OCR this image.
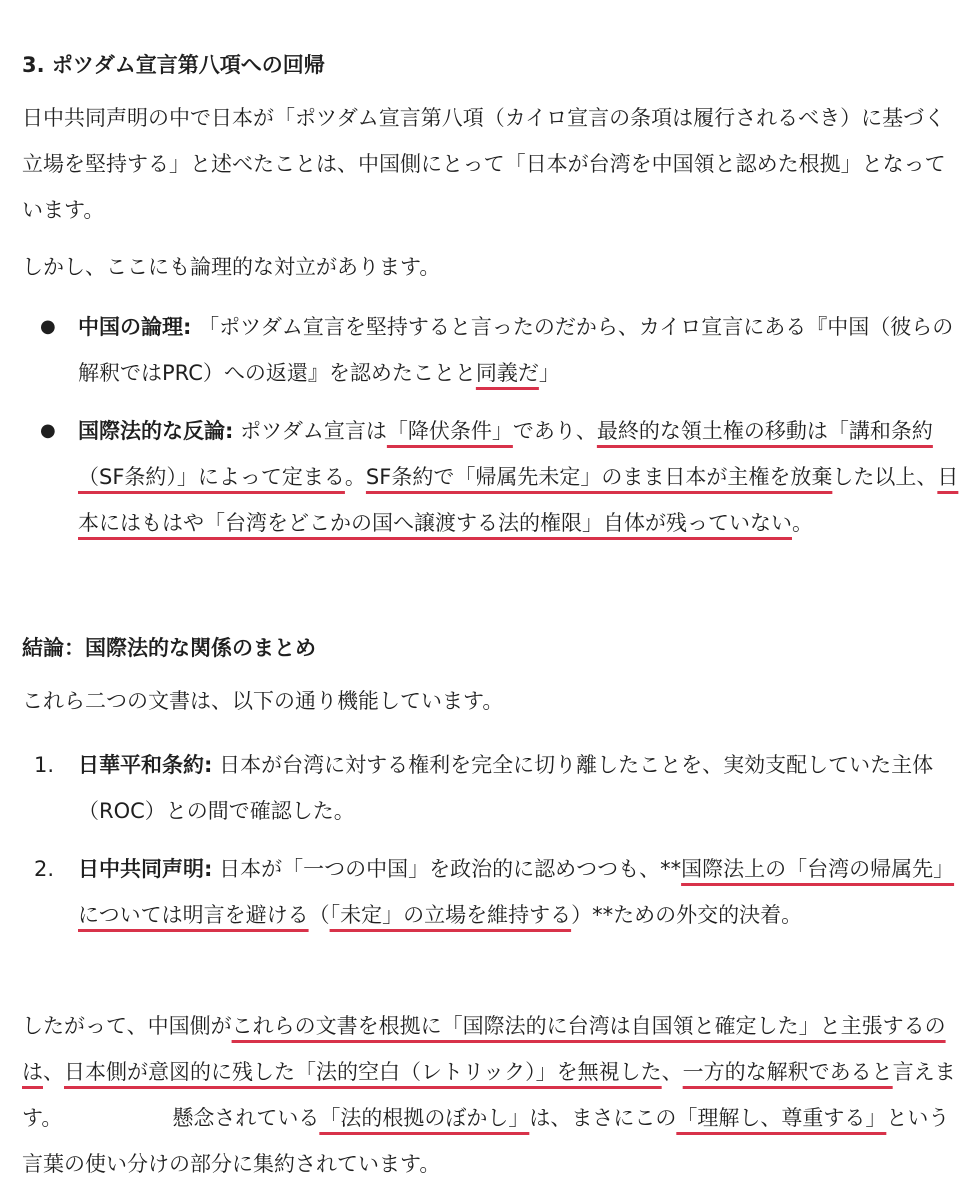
3. ポツダム宣言第八項への回帰

日中共同声明の中で日本が「ポツダム宣言第八項（カイロ宣言の条項は履行されるべき）に基づく立場を堅持する」と述べたことは、中国側にとって「日本が台湾を中国領と認めた根拠」となっています。

しかし、ここにも論理的な対立があります。

● 中国の論理: 「ポツダム宣言を堅持すると言ったのだから、カイロ宣言にある『中国（彼らの解釈ではPRC）への返還』を認めたことと同義だ」

● 国際法的な反論: ポツダム宣言は「降伏条件」であり、最終的な領土権の移動は「講和条約（SF条約）」によって定まる。SF条約で「帰属先未定」のまま日本が主権を放棄した以上、日本にはもはや「台湾をどこかの国へ譲渡する法的権限」自体が残っていない。

結論：国際法的な関係のまとめ

これら二つの文書は、以下の通り機能しています。

1. 日華平和条約: 日本が台湾に対する権利を完全に切り離したことを、実効支配していた主体（ROC）との間で確認した。

2. 日中共同声明: 日本が「一つの中国」を政治的に認めつつも、**国際法上の「台湾の帰属先」については明言を避ける（「未定」の立場を維持する）**ための外交的決着。

したがって、中国側がこれらの文書を根拠に「国際法的に台湾は自国領と確定した」と主張するのは、日本側が意図的に残した「法的空白（レトリック）」を無視した、一方的な解釈であると言えます。	懸念されている「法的根拠のぼかし」は、まさにこの「理解し、尊重する」という言葉の使い分けの部分に集約されています。
